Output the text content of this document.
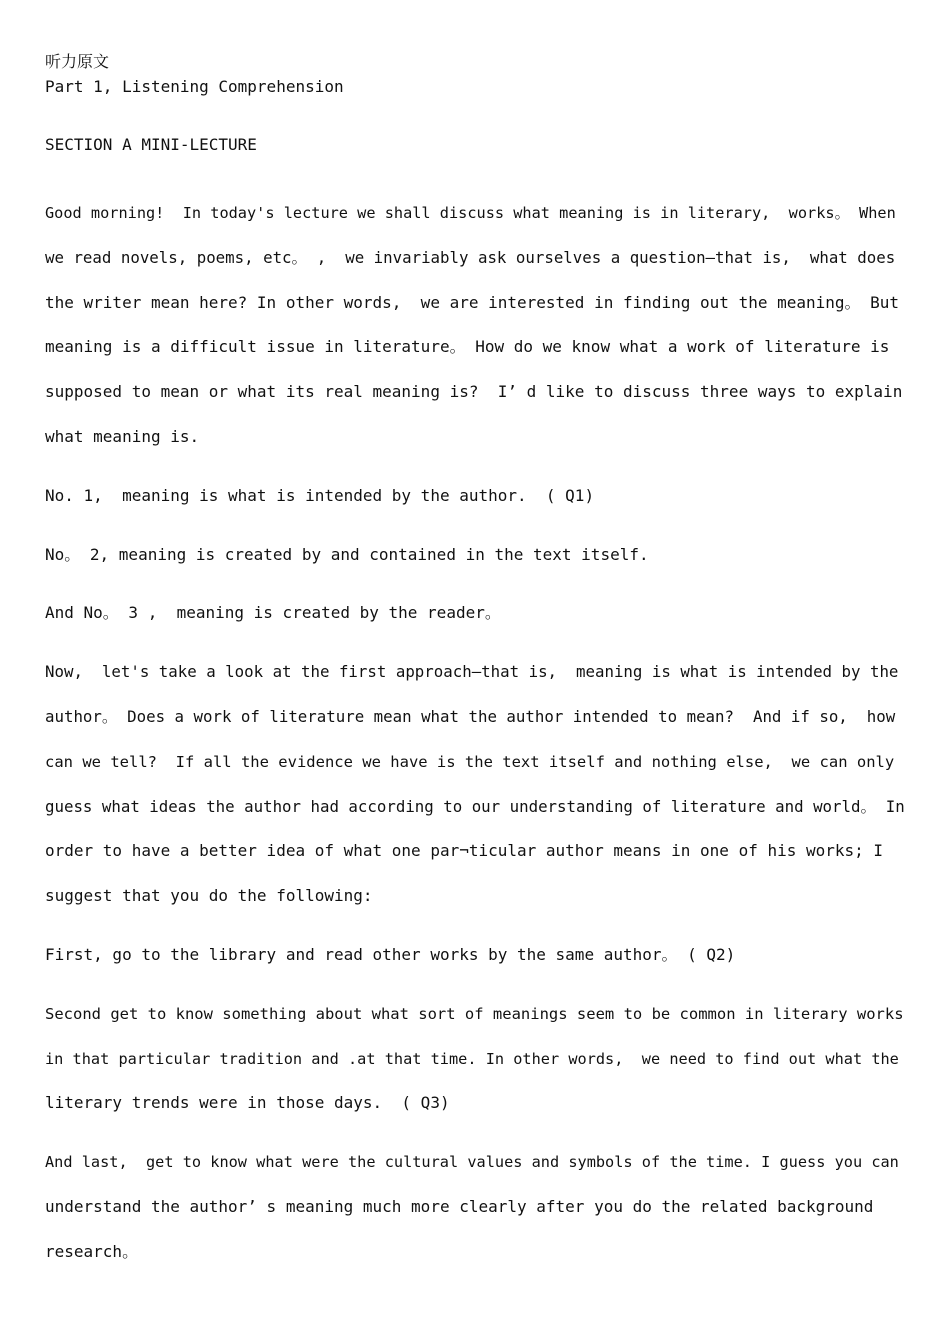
听力原文
Part 1, Listening Comprehension
SECTION A MINI-LECTURE
Good morning!  In today's lecture we shall discuss what meaning is in literary,  works。 When
we read novels, poems, etc。 ,  we invariably ask ourselves a question—that is,  what does
the writer mean here? In other words,  we are interested in finding out the meaning。 But
meaning is a difficult issue in literature。 How do we know what a work of literature is
supposed to mean or what its real meaning is?  I’ d like to discuss three ways to explain
what meaning is.
No. 1,  meaning is what is intended by the author.  ( Q1)
No。 2, meaning is created by and contained in the text itself.
And No。 3 ,  meaning is created by the reader。
Now,  let's take a look at the first approach—that is,  meaning is what is intended by the
author。 Does a work of literature mean what the author intended to mean?  And if so,  how
can we tell?  If all the evidence we have is the text itself and nothing else,  we can only
guess what ideas the author had according to our understanding of literature and world。 In
order to have a better idea of what one par¬ticular author means in one of his works; I
suggest that you do the following:
First, go to the library and read other works by the same author。 ( Q2)
Second get to know something about what sort of meanings seem to be common in literary works
in that particular tradition and .at that time. In other words,  we need to find out what the
literary trends were in those days.  ( Q3)
And last,  get to know what were the cultural values and symbols of the time. I guess you can
understand the author’ s meaning much more clearly after you do the related background
research。
